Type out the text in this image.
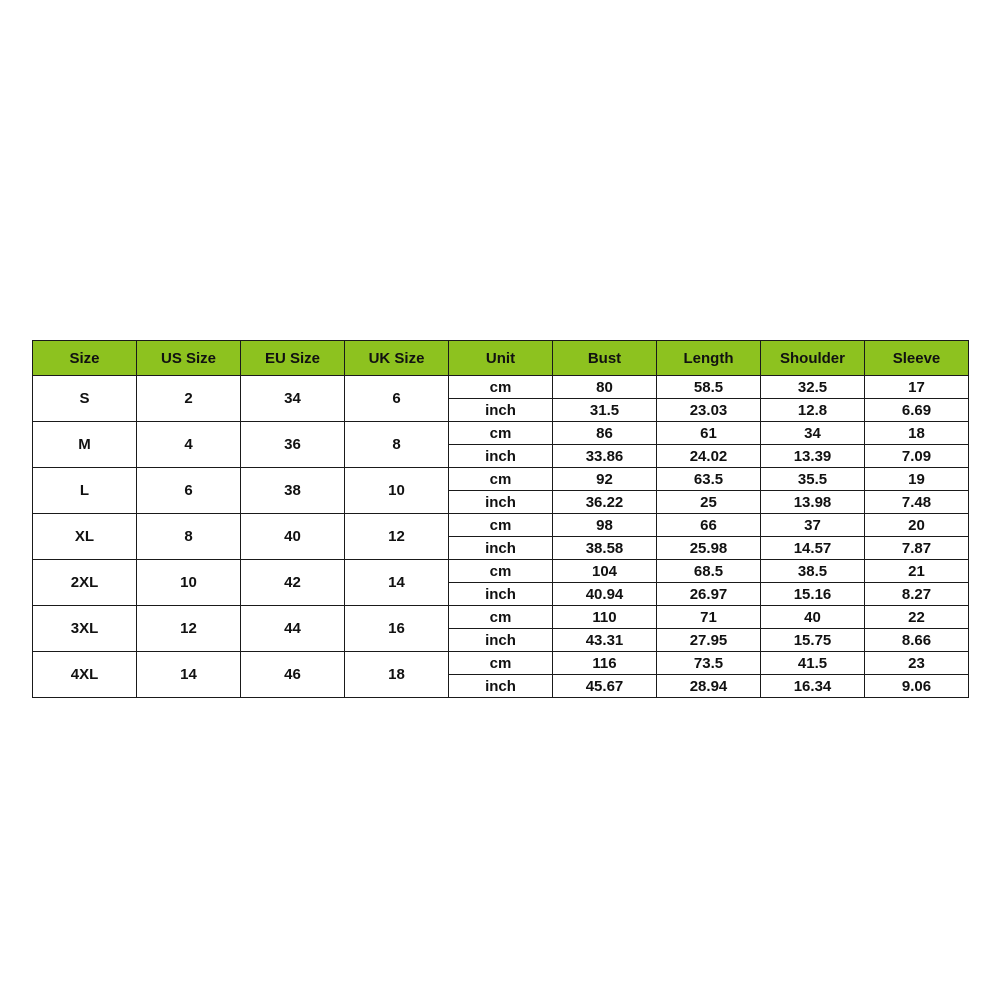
Size	US Size	EU Size	UK Size	Unit	Bust	Length	Shoulder	Sleeve
S	2	34	6	cm	80	58.5	32.5	17
				inch	31.5	23.03	12.8	6.69
M	4	36	8	cm	86	61	34	18
				inch	33.86	24.02	13.39	7.09
L	6	38	10	cm	92	63.5	35.5	19
				inch	36.22	25	13.98	7.48
XL	8	40	12	cm	98	66	37	20
				inch	38.58	25.98	14.57	7.87
2XL	10	42	14	cm	104	68.5	38.5	21
				inch	40.94	26.97	15.16	8.27
3XL	12	44	16	cm	110	71	40	22
				inch	43.31	27.95	15.75	8.66
4XL	14	46	18	cm	116	73.5	41.5	23
				inch	45.67	28.94	16.34	9.06
